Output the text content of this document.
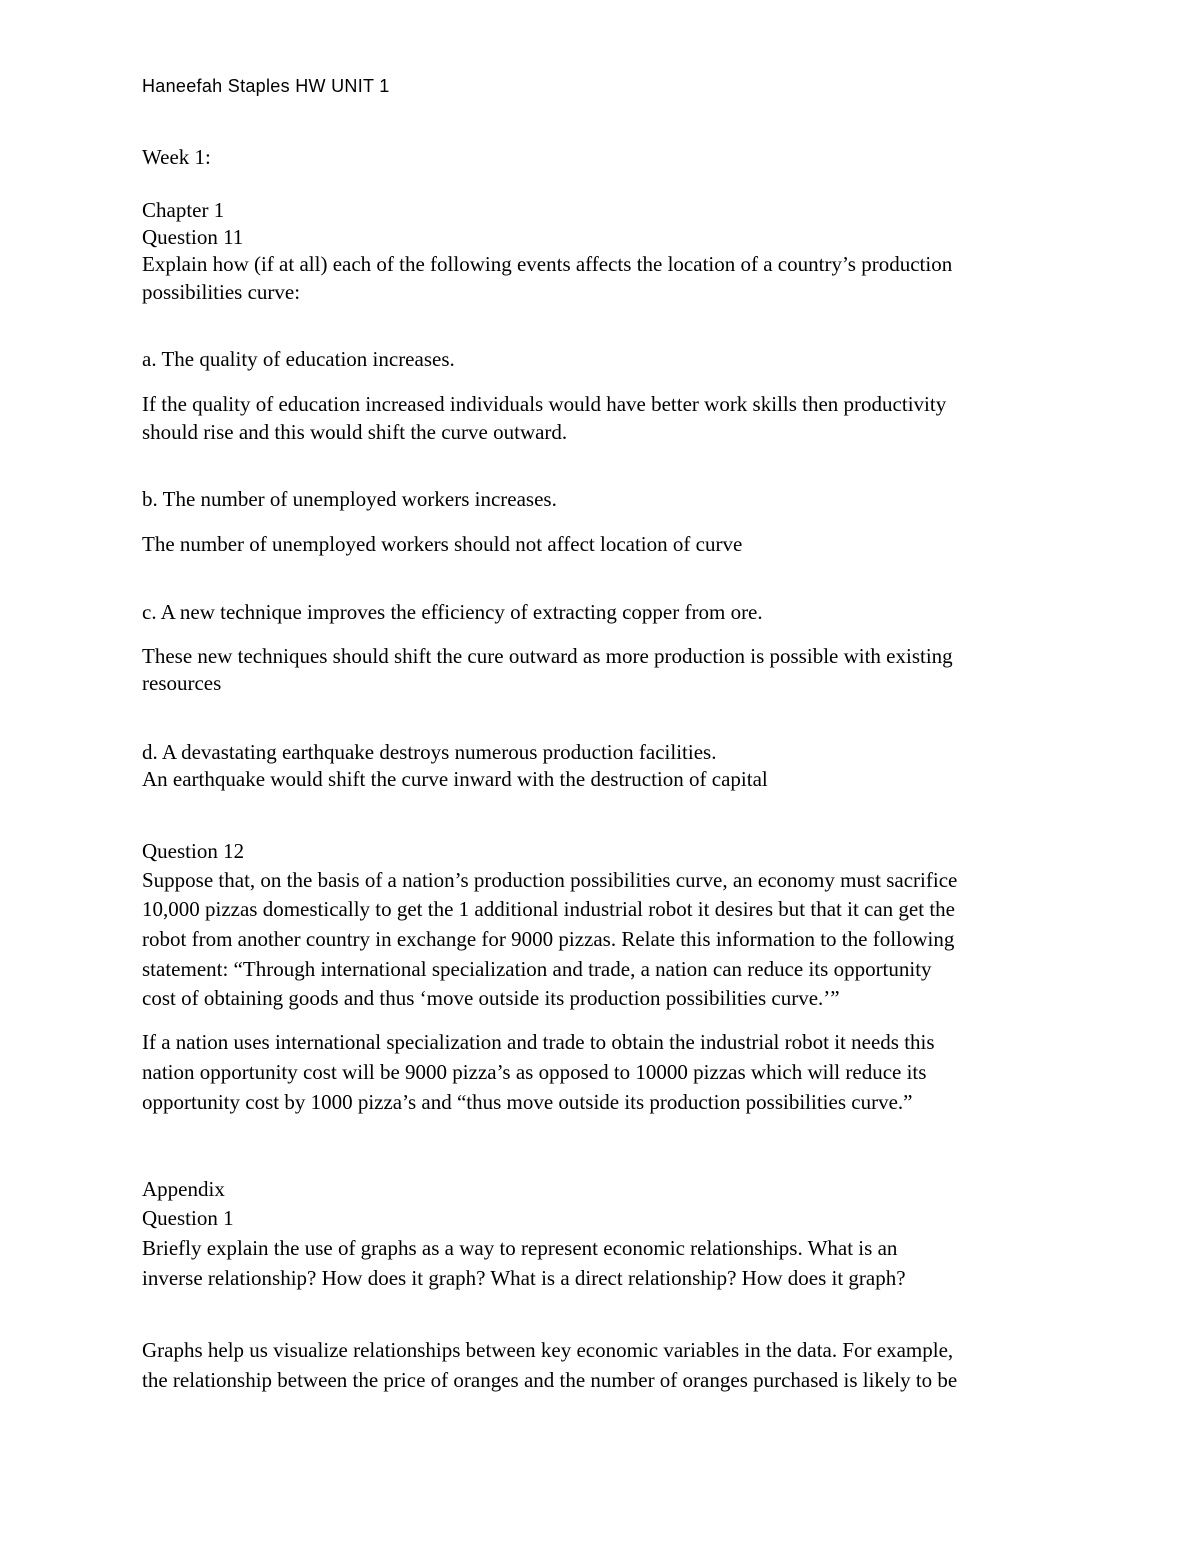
Haneefah Staples HW UNIT 1

Week 1:

Chapter 1

Question 11

Explain how (if at all) each of the following events affects the location of a country’s production

possibilities curve:

a. The quality of education increases.

If the quality of education increased individuals would have better work skills then productivity

should rise and this would shift the curve outward.

b. The number of unemployed workers increases.

The number of unemployed workers should not affect location of curve

c. A new technique improves the efficiency of extracting copper from ore.

These new techniques should shift the cure outward as more production is possible with existing

resources

d. A devastating earthquake destroys numerous production facilities.

An earthquake would shift the curve inward with the destruction of capital

Question 12

Suppose that, on the basis of a nation’s production possibilities curve, an economy must sacrifice

10,000 pizzas domestically to get the 1 additional industrial robot it desires but that it can get the

robot from another country in exchange for 9000 pizzas. Relate this information to the following

statement: “Through international specialization and trade, a nation can reduce its opportunity

cost of obtaining goods and thus ‘move outside its production possibilities curve.’”

If a nation uses international specialization and trade to obtain the industrial robot it needs this

nation opportunity cost will be 9000 pizza’s as opposed to 10000 pizzas which will reduce its

opportunity cost by 1000 pizza’s and “thus move outside its production possibilities curve.”

Appendix

Question 1

Briefly explain the use of graphs as a way to represent economic relationships. What is an

inverse relationship? How does it graph? What is a direct relationship? How does it graph?

Graphs help us visualize relationships between key economic variables in the data. For example,

the relationship between the price of oranges and the number of oranges purchased is likely to be
